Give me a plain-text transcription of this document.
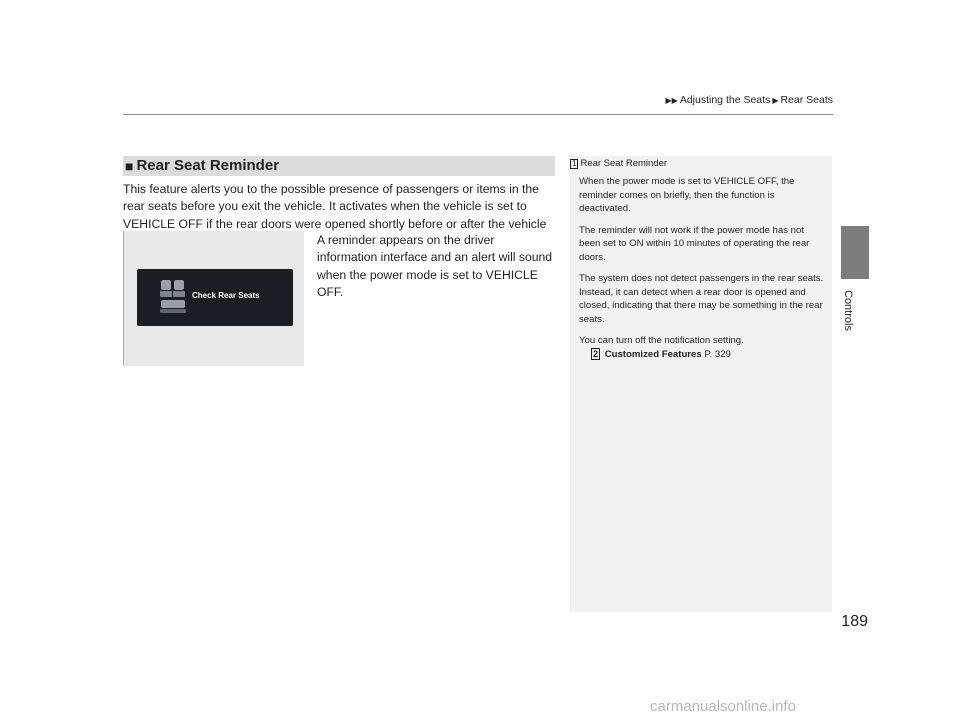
▶▶ Adjusting the Seats ▶ Rear Seats
■ Rear Seat Reminder
This feature alerts you to the possible presence of passengers or items in the rear seats before you exit the vehicle. It activates when the vehicle is set to VEHICLE OFF if the rear doors were opened shortly before or after the vehicle
Check Rear Seats
A reminder appears on the driver information interface and an alert will sound when the power mode is set to VEHICLE OFF.
1 Rear Seat Reminder

When the power mode is set to VEHICLE OFF, the reminder comes on briefly, then the function is deactivated.

The reminder will not work if the power mode has not been set to ON within 10 minutes of operating the rear doors.

The system does not detect passengers in the rear seats. Instead, it can detect when a rear door is opened and closed, indicating that there may be something in the rear seats.

You can turn off the notification setting.

2 Customized Features P. 329
Controls
189
carmanualsonline.info
